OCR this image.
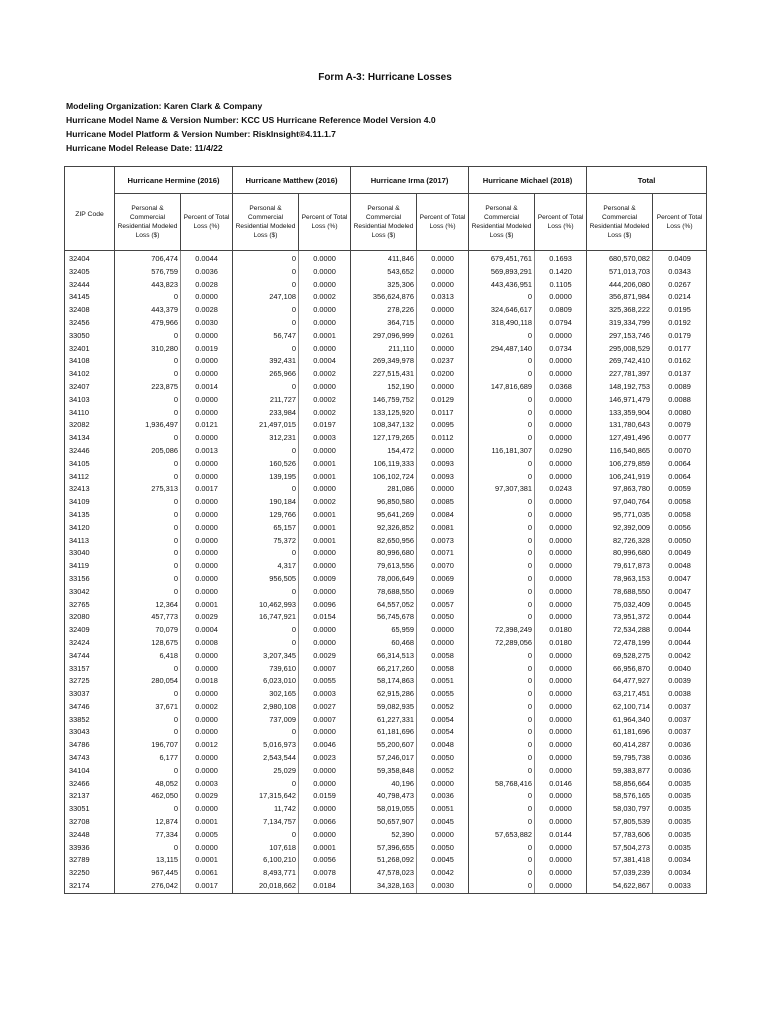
Form A-3: Hurricane Losses
Modeling Organization: Karen Clark & Company
Hurricane Model Name & Version Number: KCC US Hurricane Reference Model Version 4.0
Hurricane Model Platform & Version Number: RiskInsight®4.11.1.7
Hurricane Model Release Date: 11/4/22
ZIP Code	Hurricane Hermine (2016)		Hurricane Matthew (2016)		Hurricane Irma (2017)		Hurricane Michael (2018)		Total	
	Personal & Commercial Residential Modeled Loss ($)	Percent of Total Loss (%)	Personal & Commercial Residential Modeled Loss ($)	Percent of Total Loss (%)	Personal & Commercial Residential Modeled Loss ($)	Percent of Total Loss (%)	Personal & Commercial Residential Modeled Loss ($)	Percent of Total Loss (%)	Personal & Commercial Residential Modeled Loss ($)	Percent of Total Loss (%)
32404	706,474	0.0044	0	0.0000	411,846	0.0000	679,451,761	0.1693	680,570,082	0.0409
32405	576,759	0.0036	0	0.0000	543,652	0.0000	569,893,291	0.1420	571,013,703	0.0343
32444	443,823	0.0028	0	0.0000	325,306	0.0000	443,436,951	0.1105	444,206,080	0.0267
34145	0	0.0000	247,108	0.0002	356,624,876	0.0313	0	0.0000	356,871,984	0.0214
32408	443,379	0.0028	0	0.0000	278,226	0.0000	324,646,617	0.0809	325,368,222	0.0195
32456	479,966	0.0030	0	0.0000	364,715	0.0000	318,490,118	0.0794	319,334,799	0.0192
33050	0	0.0000	56,747	0.0001	297,096,999	0.0261	0	0.0000	297,153,746	0.0179
32401	310,280	0.0019	0	0.0000	211,110	0.0000	294,487,140	0.0734	295,008,529	0.0177
34108	0	0.0000	392,431	0.0004	269,349,978	0.0237	0	0.0000	269,742,410	0.0162
34102	0	0.0000	265,966	0.0002	227,515,431	0.0200	0	0.0000	227,781,397	0.0137
32407	223,875	0.0014	0	0.0000	152,190	0.0000	147,816,689	0.0368	148,192,753	0.0089
34103	0	0.0000	211,727	0.0002	146,759,752	0.0129	0	0.0000	146,971,479	0.0088
34110	0	0.0000	233,984	0.0002	133,125,920	0.0117	0	0.0000	133,359,904	0.0080
32082	1,936,497	0.0121	21,497,015	0.0197	108,347,132	0.0095	0	0.0000	131,780,643	0.0079
34134	0	0.0000	312,231	0.0003	127,179,265	0.0112	0	0.0000	127,491,496	0.0077
32446	205,086	0.0013	0	0.0000	154,472	0.0000	116,181,307	0.0290	116,540,865	0.0070
34105	0	0.0000	160,526	0.0001	106,119,333	0.0093	0	0.0000	106,279,859	0.0064
34112	0	0.0000	139,195	0.0001	106,102,724	0.0093	0	0.0000	106,241,919	0.0064
32413	275,313	0.0017	0	0.0000	281,086	0.0000	97,307,381	0.0243	97,863,780	0.0059
34109	0	0.0000	190,184	0.0002	96,850,580	0.0085	0	0.0000	97,040,764	0.0058
34135	0	0.0000	129,766	0.0001	95,641,269	0.0084	0	0.0000	95,771,035	0.0058
34120	0	0.0000	65,157	0.0001	92,326,852	0.0081	0	0.0000	92,392,009	0.0056
34113	0	0.0000	75,372	0.0001	82,650,956	0.0073	0	0.0000	82,726,328	0.0050
33040	0	0.0000	0	0.0000	80,996,680	0.0071	0	0.0000	80,996,680	0.0049
34119	0	0.0000	4,317	0.0000	79,613,556	0.0070	0	0.0000	79,617,873	0.0048
33156	0	0.0000	956,505	0.0009	78,006,649	0.0069	0	0.0000	78,963,153	0.0047
33042	0	0.0000	0	0.0000	78,688,550	0.0069	0	0.0000	78,688,550	0.0047
32765	12,364	0.0001	10,462,993	0.0096	64,557,052	0.0057	0	0.0000	75,032,409	0.0045
32080	457,773	0.0029	16,747,921	0.0154	56,745,678	0.0050	0	0.0000	73,951,372	0.0044
32409	70,079	0.0004	0	0.0000	65,959	0.0000	72,398,249	0.0180	72,534,288	0.0044
32424	128,675	0.0008	0	0.0000	60,468	0.0000	72,289,056	0.0180	72,478,199	0.0044
34744	6,418	0.0000	3,207,345	0.0029	66,314,513	0.0058	0	0.0000	69,528,275	0.0042
33157	0	0.0000	739,610	0.0007	66,217,260	0.0058	0	0.0000	66,956,870	0.0040
32725	280,054	0.0018	6,023,010	0.0055	58,174,863	0.0051	0	0.0000	64,477,927	0.0039
33037	0	0.0000	302,165	0.0003	62,915,286	0.0055	0	0.0000	63,217,451	0.0038
34746	37,671	0.0002	2,980,108	0.0027	59,082,935	0.0052	0	0.0000	62,100,714	0.0037
33852	0	0.0000	737,009	0.0007	61,227,331	0.0054	0	0.0000	61,964,340	0.0037
33043	0	0.0000	0	0.0000	61,181,696	0.0054	0	0.0000	61,181,696	0.0037
34786	196,707	0.0012	5,016,973	0.0046	55,200,607	0.0048	0	0.0000	60,414,287	0.0036
34743	6,177	0.0000	2,543,544	0.0023	57,246,017	0.0050	0	0.0000	59,795,738	0.0036
34104	0	0.0000	25,029	0.0000	59,358,848	0.0052	0	0.0000	59,383,877	0.0036
32466	48,052	0.0003	0	0.0000	40,196	0.0000	58,768,416	0.0146	58,856,664	0.0035
32137	462,050	0.0029	17,315,642	0.0159	40,798,473	0.0036	0	0.0000	58,576,165	0.0035
33051	0	0.0000	11,742	0.0000	58,019,055	0.0051	0	0.0000	58,030,797	0.0035
32708	12,874	0.0001	7,134,757	0.0066	50,657,907	0.0045	0	0.0000	57,805,539	0.0035
32448	77,334	0.0005	0	0.0000	52,390	0.0000	57,653,882	0.0144	57,783,606	0.0035
33936	0	0.0000	107,618	0.0001	57,396,655	0.0050	0	0.0000	57,504,273	0.0035
32789	13,115	0.0001	6,100,210	0.0056	51,268,092	0.0045	0	0.0000	57,381,418	0.0034
32250	967,445	0.0061	8,493,771	0.0078	47,578,023	0.0042	0	0.0000	57,039,239	0.0034
32174	276,042	0.0017	20,018,662	0.0184	34,328,163	0.0030	0	0.0000	54,622,867	0.0033
